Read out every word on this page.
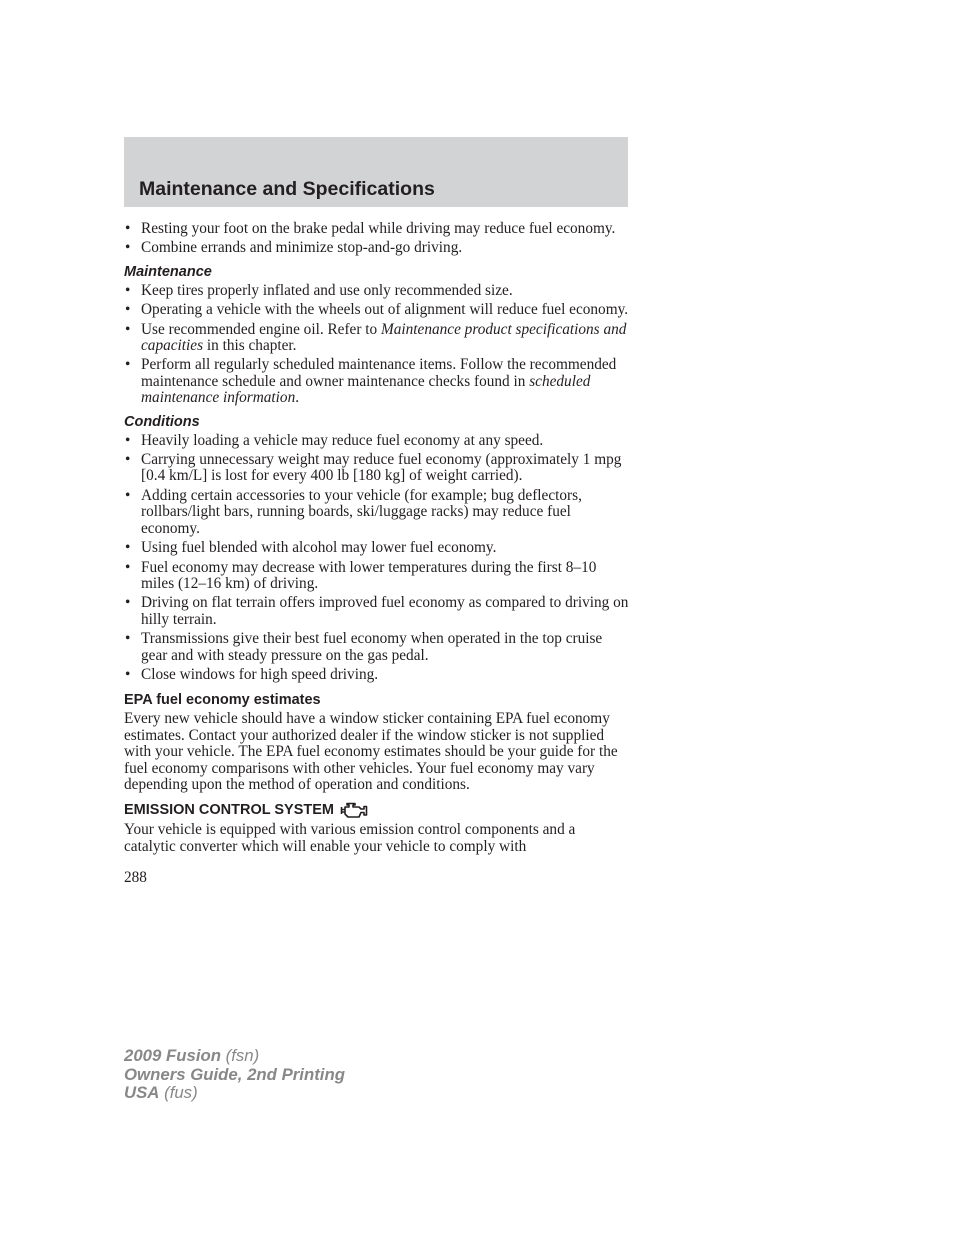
Maintenance and Specifications
• Resting your foot on the brake pedal while driving may reduce fuel economy.
• Combine errands and minimize stop-and-go driving.
Maintenance
• Keep tires properly inflated and use only recommended size.
• Operating a vehicle with the wheels out of alignment will reduce fuel economy.
• Use recommended engine oil. Refer to Maintenance product specifications and capacities in this chapter.
• Perform all regularly scheduled maintenance items. Follow the recommended maintenance schedule and owner maintenance checks found in scheduled maintenance information.
Conditions
• Heavily loading a vehicle may reduce fuel economy at any speed.
• Carrying unnecessary weight may reduce fuel economy (approximately 1 mpg [0.4 km/L] is lost for every 400 lb [180 kg] of weight carried).
• Adding certain accessories to your vehicle (for example; bug deflectors, rollbars/light bars, running boards, ski/luggage racks) may reduce fuel economy.
• Using fuel blended with alcohol may lower fuel economy.
• Fuel economy may decrease with lower temperatures during the first 8–10 miles (12–16 km) of driving.
• Driving on flat terrain offers improved fuel economy as compared to driving on hilly terrain.
• Transmissions give their best fuel economy when operated in the top cruise gear and with steady pressure on the gas pedal.
• Close windows for high speed driving.
EPA fuel economy estimates

Every new vehicle should have a window sticker containing EPA fuel economy estimates. Contact your authorized dealer if the window sticker is not supplied with your vehicle. The EPA fuel economy estimates should be your guide for the fuel economy comparisons with other vehicles. Your fuel economy may vary depending upon the method of operation and conditions.

EMISSION CONTROL SYSTEM

Your vehicle is equipped with various emission control components and a catalytic converter which will enable your vehicle to comply with

288
2009 Fusion (fsn)
Owners Guide, 2nd Printing
USA (fus)
